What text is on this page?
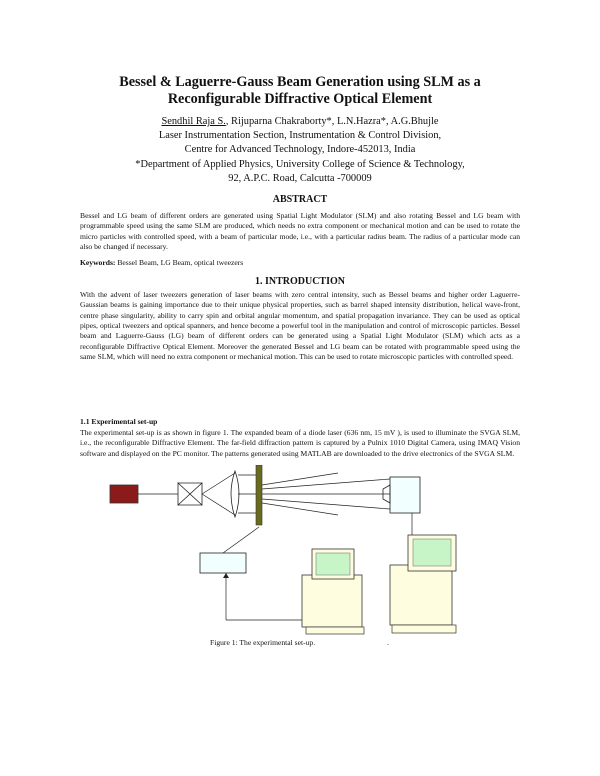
Bessel & Laguerre-Gauss Beam Generation using SLM as a
Reconfigurable Diffractive Optical Element
Sendhil Raja S., Rijuparna Chakraborty*, L.N.Hazra*, A.G.Bhujle
Laser Instrumentation Section, Instrumentation & Control Division,
Centre for Advanced Technology, Indore-452013, India
*Department of Applied Physics, University College of Science & Technology,
92, A.P.C. Road, Calcutta -700009
ABSTRACT

Bessel and LG beam of different orders are generated using Spatial Light Modulator (SLM) and also rotating Bessel and LG beam with programmable speed using the same SLM are produced, which needs no extra component or mechanical motion and can be used to rotate the micro particles with controlled speed, with a beam of particular mode, i.e., with a particular radius beam. The radius of a particular mode can also be changed if necessary.

Keywords: Bessel Beam, LG Beam, optical tweezers
1. INTRODUCTION

With the advent of laser tweezers generation of laser beams with zero central intensity, such as Bessel beams and higher order Laguerre-Gaussian beams is gaining importance due to their unique physical properties, such as barrel shaped intensity distribution, helical wave-front, centre phase singularity, ability to carry spin and orbital angular momentum, and spatial propagation invariance. They can be used as optical pipes, optical tweezers and optical spanners, and hence become a powerful tool in the manipulation and control of microscopic particles. Bessel beam and Laguerre-Gauss (LG) beam of different orders can be generated using a Spatial Light Modulator (SLM) which acts as a reconfigurable Diffractive Optical Element. Moreover the generated Bessel and LG beam can be rotated with programmable speed using the same SLM, which will need no extra component or mechanical motion. This can be used to rotate microscopic particles with controlled speed.

1.1 Experimental set-up

The experimental set-up is as shown in figure 1. The expanded beam of a diode laser (636 nm, 15 mV ), is used to illuminate the SVGA SLM, i.e., the reconfigurable Diffractive Element. The far-field diffraction pattern is captured by a Pulnix 1010 Digital Camera, using IMAQ Vision software and displayed on the PC monitor. The patterns generated using MATLAB are downloaded to the drive electronics of the SVGA SLM.

Figure 1: The experimental set-up.	.
